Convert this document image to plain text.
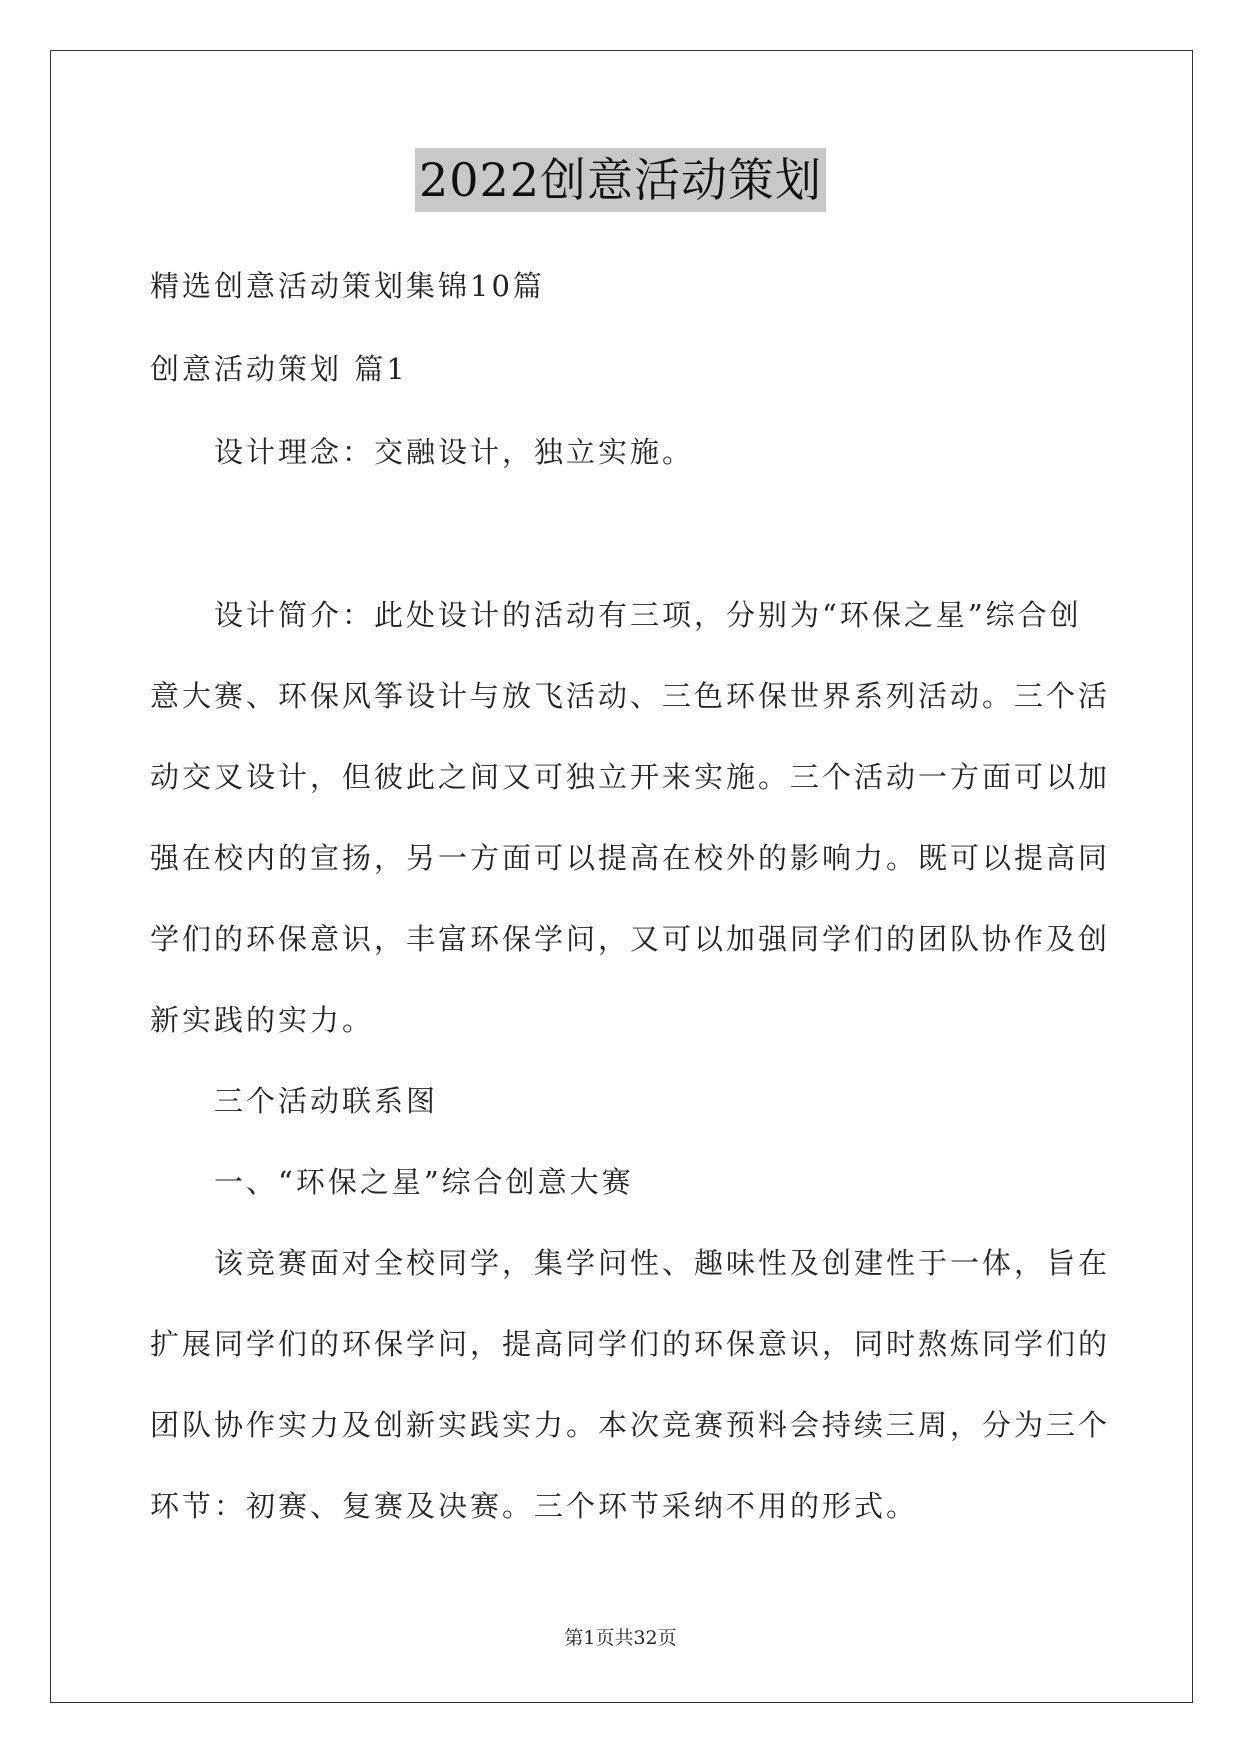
2022创意活动策划
精选创意活动策划集锦10篇
创意活动策划 篇1
设计理念：交融设计，独立实施。
设计简介：此处设计的活动有三项，分别为“环保之星”综合创
意大赛、环保风筝设计与放飞活动、三色环保世界系列活动。三个活
动交叉设计，但彼此之间又可独立开来实施。三个活动一方面可以加
强在校内的宣扬，另一方面可以提高在校外的影响力。既可以提高同
学们的环保意识，丰富环保学问，又可以加强同学们的团队协作及创
新实践的实力。
三个活动联系图
一、“环保之星”综合创意大赛
该竞赛面对全校同学，集学问性、趣味性及创建性于一体，旨在
扩展同学们的环保学问，提高同学们的环保意识，同时熬炼同学们的
团队协作实力及创新实践实力。本次竞赛预料会持续三周，分为三个
环节：初赛、复赛及决赛。三个环节采纳不用的形式。
第1页共32页
